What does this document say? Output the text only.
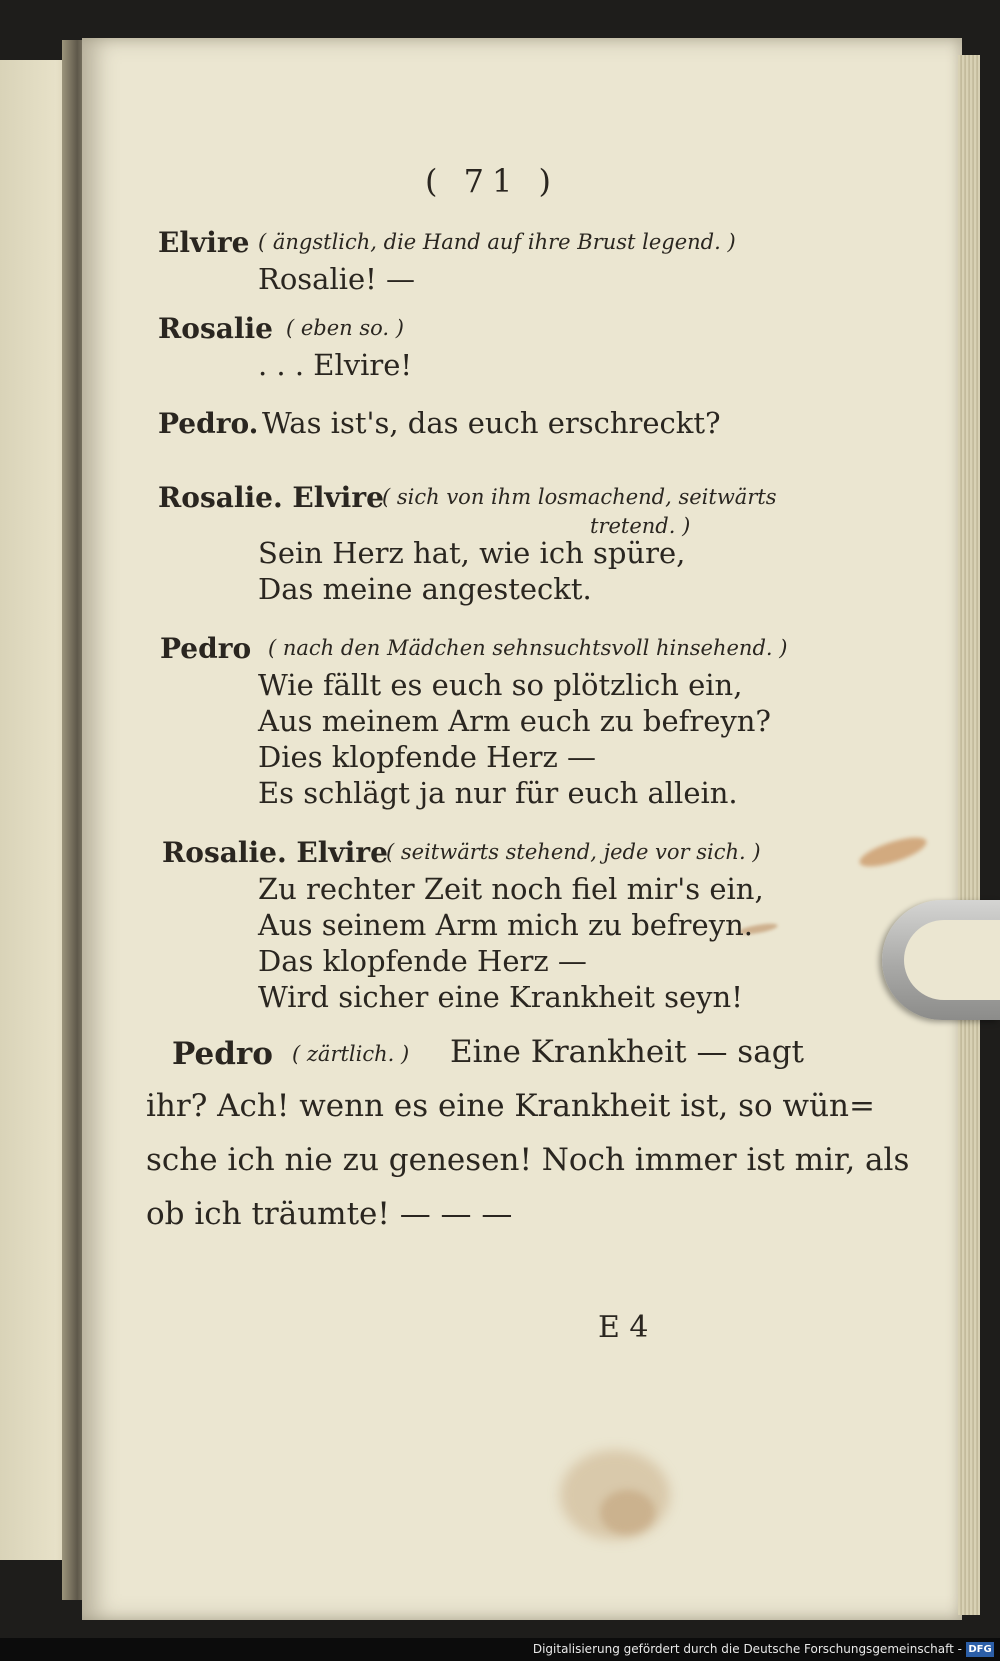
( 71 )
Elvire ( ängstlich, die Hand auf ihre Brust legend. )
Rosalie! —
Rosalie ( eben so. )
. . . Elvire!
Pedro. Was ist's, das euch erschreckt?
Rosalie. Elvire
( sich von ihm losmachend, seitwärts
tretend. )
Sein Herz hat, wie ich spüre,
Das meine angesteckt.
Pedro ( nach den Mädchen sehnsuchtsvoll hinsehend. )
Wie fällt es euch so plötzlich ein,
Aus meinem Arm euch zu befreyn?
Dies klopfende Herz —
Es schlägt ja nur für euch allein.
Rosalie. Elvire
( seitwärts stehend, jede vor sich. )
Zu rechter Zeit noch fiel mir's ein,
Aus seinem Arm mich zu befreyn.
Das klopfende Herz —
Wird sicher eine Krankheit seyn!
Pedro ( zärtlich. ) Eine Krankheit — sagt
ihr? Ach! wenn es eine Krankheit ist, so wün=
sche ich nie zu genesen! Noch immer ist mir, als
ob ich träumte! — — —
E 4
Digitalisierung gefördert durch die Deutsche Forschungsgemeinschaft - DFG
